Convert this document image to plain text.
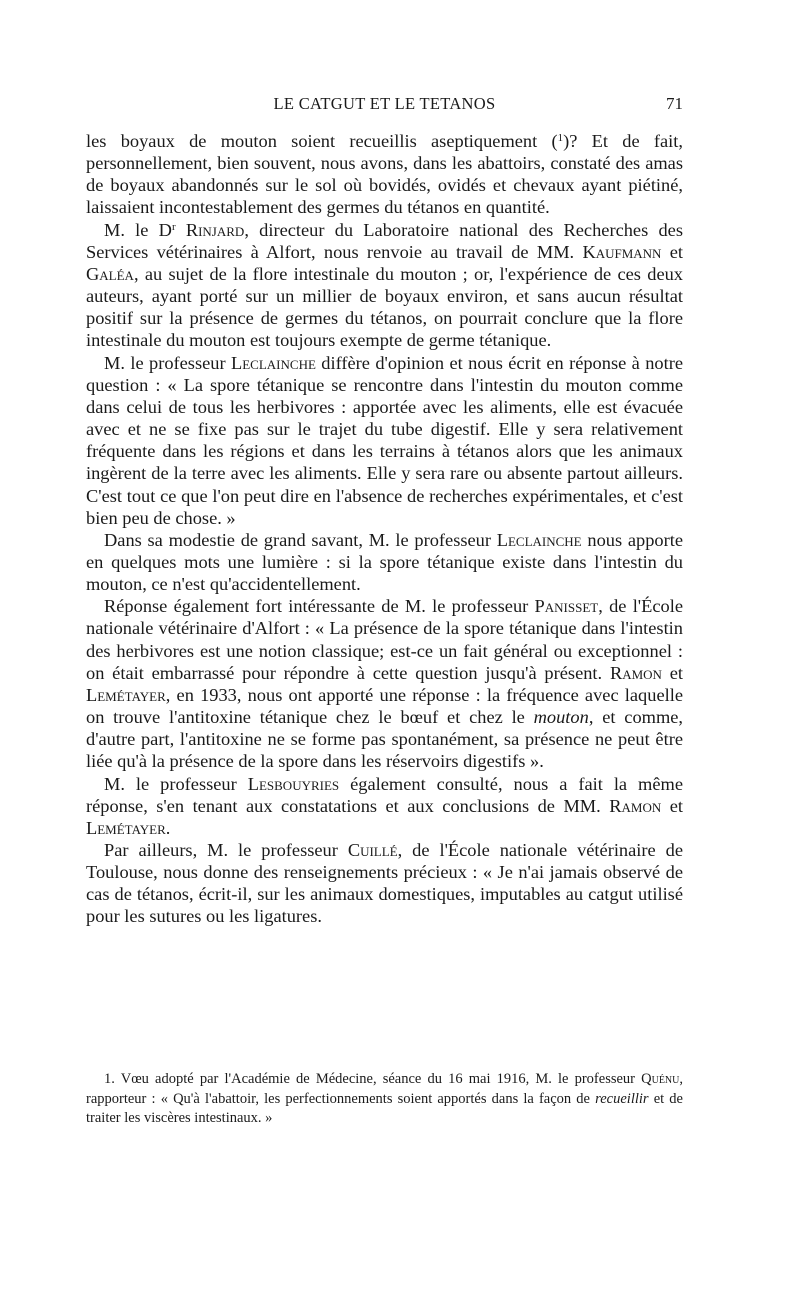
LE CATGUT ET LE TETANOS	71

les boyaux de mouton soient recueillis aseptiquement ($^1$)? Et de fait, personnellement, bien souvent, nous avons, dans les abattoirs, constaté des amas de boyaux abandonnés sur le sol où bovidés, ovidés et chevaux ayant piétiné, laissaient incontestablement des germes du tétanos en quantité.

M. le $D^r$ Rinjard, directeur du Laboratoire national des Recherches des Services vétérinaires à Alfort, nous renvoie au travail de MM. Kaufmann et Galéa, au sujet de la flore intestinale du mouton ; or, l'expérience de ces deux auteurs, ayant porté sur un millier de boyaux environ, et sans aucun résultat positif sur la présence de germes du tétanos, on pourrait conclure que la flore intestinale du mouton est toujours exempte de germe tétanique.

M. le professeur Leclainche diffère d'opinion et nous écrit en réponse à notre question : « La spore tétanique se rencontre dans l'intestin du mouton comme dans celui de tous les herbivores : apportée avec les aliments, elle est évacuée avec et ne se fixe pas sur le trajet du tube digestif. Elle y sera relativement fréquente dans les régions et dans les terrains à tétanos alors que les animaux ingèrent de la terre avec les aliments. Elle y sera rare ou absente partout ailleurs. C'est tout ce que l'on peut dire en l'absence de recherches expérimentales, et c'est bien peu de chose. »

Dans sa modestie de grand savant, M. le professeur Leclainche nous apporte en quelques mots une lumière : si la spore tétanique existe dans l'intestin du mouton, ce n'est qu'accidentellement.

Réponse également fort intéressante de M. le professeur Panisset, de l'École nationale vétérinaire d'Alfort : « La présence de la spore tétanique dans l'intestin des herbivores est une notion classique; est-ce un fait général ou exceptionnel : on était embarrassé pour répondre à cette question jusqu'à présent. Ramon et Lemétayer, en 1933, nous ont apporté une réponse : la fréquence avec laquelle on trouve l'antitoxine tétanique chez le bœuf et chez le mouton, et comme, d'autre part, l'antitoxine ne se forme pas spontanément, sa présence ne peut être liée qu'à la présence de la spore dans les réservoirs digestifs ».

M. le professeur Lesbouyries également consulté, nous a fait la même réponse, s'en tenant aux constatations et aux conclusions de MM. Ramon et Lemétayer.

Par ailleurs, M. le professeur Cuillé, de l'École nationale vétérinaire de Toulouse, nous donne des renseignements précieux : « Je n'ai jamais observé de cas de tétanos, écrit-il, sur les animaux domestiques, imputables au catgut utilisé pour les sutures ou les ligatures.

1. Vœu adopté par l'Académie de Médecine, séance du 16 mai 1916, M. le professeur Quénu, rapporteur : « Qu'à l'abattoir, les perfectionnements soient apportés dans la façon de recueillir et de traiter les viscères intestinaux. »
